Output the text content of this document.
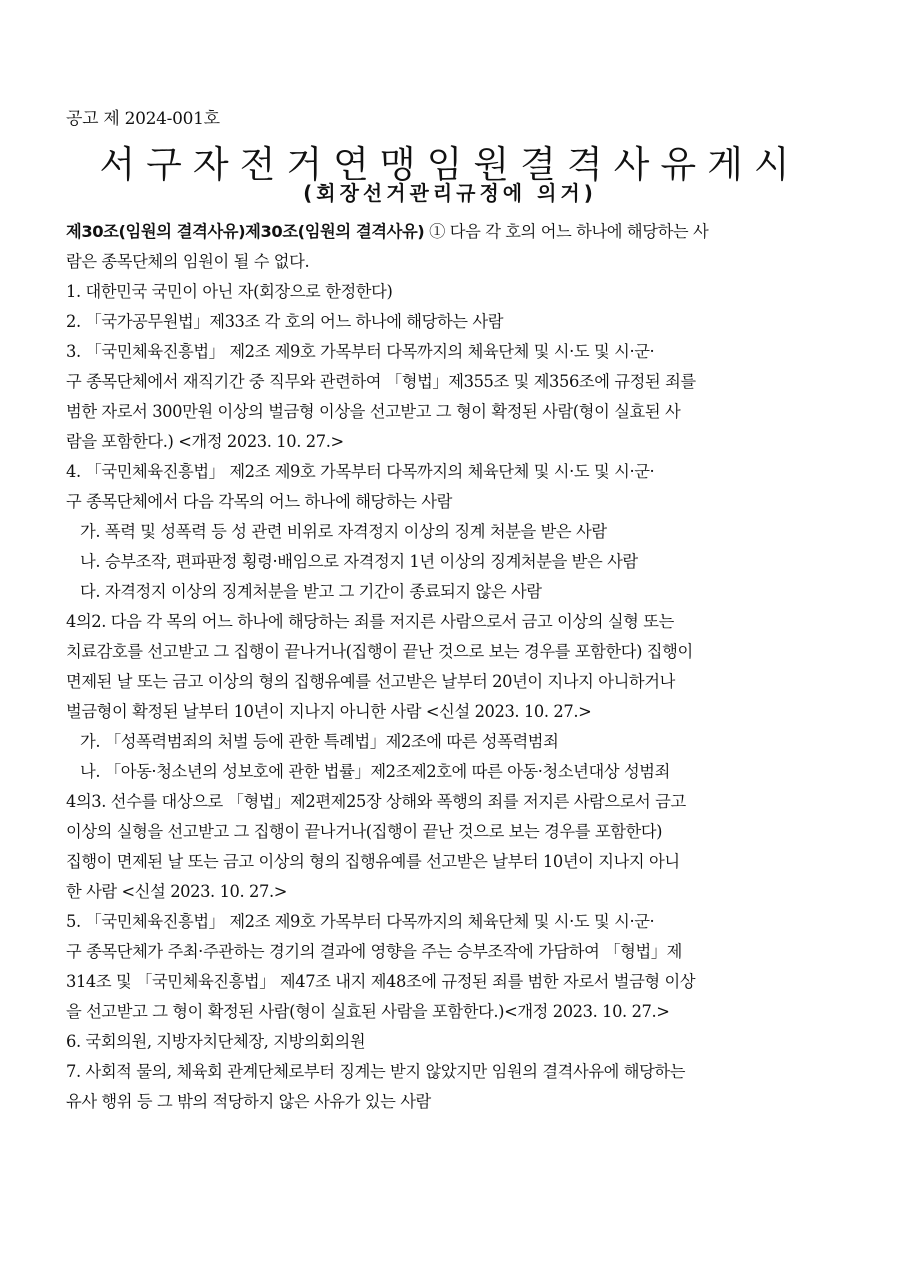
공고 제 2024-001호
서구자전거연맹임원결격사유게시
(회장선거관리규정에 의거)
제30조(임원의 결격사유)제30조(임원의 결격사유) ① 다음 각 호의 어느 하나에 해당하는 사
람은 종목단체의 임원이 될 수 없다.
1. 대한민국 국민이 아닌 자(회장으로 한정한다)
2. 「국가공무원법」제33조 각 호의 어느 하나에 해당하는 사람
3. 「국민체육진흥법」 제2조 제9호 가목부터 다목까지의 체육단체 및 시·도 및 시·군·
구 종목단체에서 재직기간 중 직무와 관련하여 「형법」제355조 및 제356조에 규정된 죄를
범한 자로서 300만원 이상의 벌금형 이상을 선고받고 그 형이 확정된 사람(형이 실효된 사
람을 포함한다.) <개정 2023. 10. 27.>
4. 「국민체육진흥법」 제2조 제9호 가목부터 다목까지의 체육단체 및 시·도 및 시·군·
구 종목단체에서 다음 각목의 어느 하나에 해당하는 사람
가. 폭력 및 성폭력 등 성 관련 비위로 자격정지 이상의 징계 처분을 받은 사람
나. 승부조작, 편파판정 횡령·배임으로 자격정지 1년 이상의 징계처분을 받은 사람
다. 자격정지 이상의 징계처분을 받고 그 기간이 종료되지 않은 사람
4의2. 다음 각 목의 어느 하나에 해당하는 죄를 저지른 사람으로서 금고 이상의 실형 또는
치료감호를 선고받고 그 집행이 끝나거나(집행이 끝난 것으로 보는 경우를 포함한다) 집행이
면제된 날 또는 금고 이상의 형의 집행유예를 선고받은 날부터 20년이 지나지 아니하거나
벌금형이 확정된 날부터 10년이 지나지 아니한 사람 <신설 2023. 10. 27.>
가. 「성폭력범죄의 처벌 등에 관한 특례법」제2조에 따른 성폭력범죄
나. 「아동·청소년의 성보호에 관한 법률」제2조제2호에 따른 아동·청소년대상 성범죄
4의3. 선수를 대상으로 「형법」제2편제25장 상해와 폭행의 죄를 저지른 사람으로서 금고
이상의 실형을 선고받고 그 집행이 끝나거나(집행이 끝난 것으로 보는 경우를 포함한다)
집행이 면제된 날 또는 금고 이상의 형의 집행유예를 선고받은 날부터 10년이 지나지 아니
한 사람 <신설 2023. 10. 27.>
5. 「국민체육진흥법」 제2조 제9호 가목부터 다목까지의 체육단체 및 시·도 및 시·군·
구 종목단체가 주최·주관하는 경기의 결과에 영향을 주는 승부조작에 가담하여 「형법」제
314조 및 「국민체육진흥법」 제47조 내지 제48조에 규정된 죄를 범한 자로서 벌금형 이상
을 선고받고 그 형이 확정된 사람(형이 실효된 사람을 포함한다.)<개정 2023. 10. 27.>
6. 국회의원, 지방자치단체장, 지방의회의원
7. 사회적 물의, 체육회 관계단체로부터 징계는 받지 않았지만 임원의 결격사유에 해당하는
유사 행위 등 그 밖의 적당하지 않은 사유가 있는 사람
